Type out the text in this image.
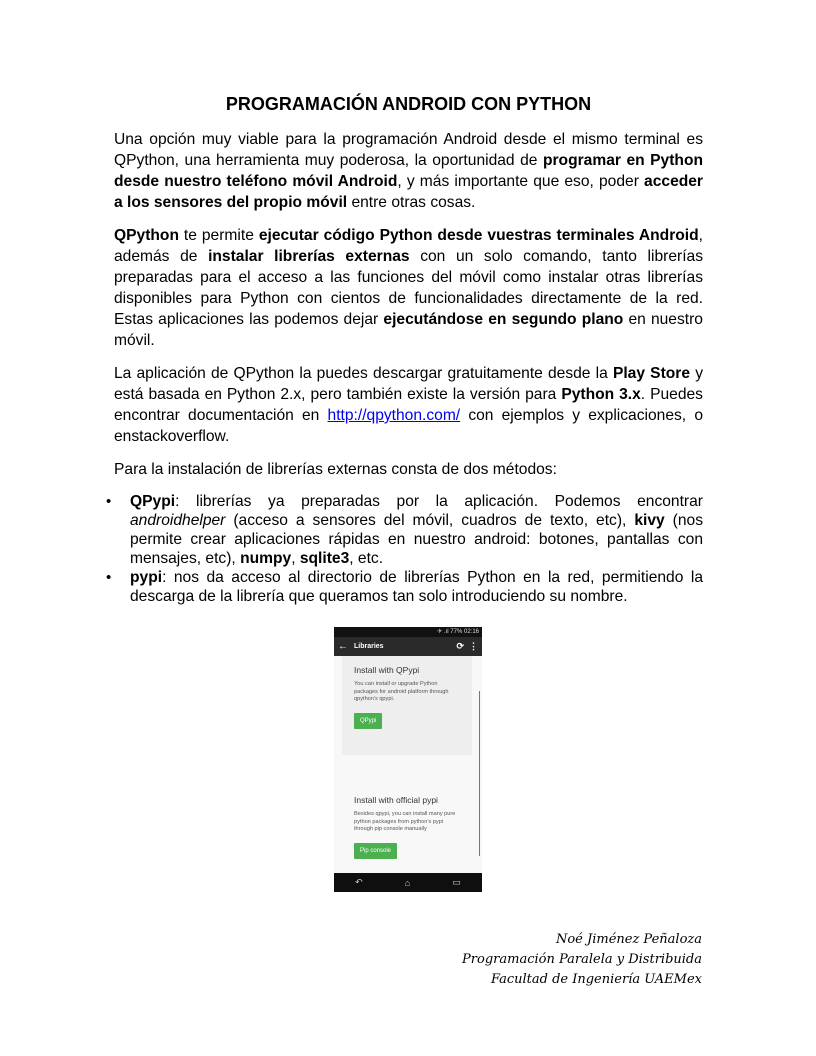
PROGRAMACIÓN ANDROID CON PYTHON

Una opción muy viable para la programación Android desde el mismo terminal es QPython, una herramienta muy poderosa, la oportunidad de programar en Python desde nuestro teléfono móvil Android, y más importante que eso, poder acceder a los sensores del propio móvil entre otras cosas.

QPython te permite ejecutar código Python desde vuestras terminales Android, además de instalar librerías externas con un solo comando, tanto librerías preparadas para el acceso a las funciones del móvil como instalar otras librerías disponibles para Python con cientos de funcionalidades directamente de la red. Estas aplicaciones las podemos dejar ejecutándose en segundo plano en nuestro móvil.

La aplicación de QPython la puedes descargar gratuitamente desde la Play Store y está basada en Python 2.x, pero también existe la versión para Python 3.x. Puedes encontrar documentación en http://qpython.com/ con ejemplos y explicaciones, o enstackoverflow.

Para la instalación de librerías externas consta de dos métodos:

• QPypi: librerías ya preparadas por la aplicación. Podemos encontrar androidhelper (acceso a sensores del móvil, cuadros de texto, etc), kivy (nos permite crear aplicaciones rápidas en nuestro android: botones, pantallas con mensajes, etc), numpy, sqlite3, etc.
• pypi: nos da acceso al directorio de librerías Python en la red, permitiendo la descarga de la librería que queramos tan solo introduciendo su nombre.
✈ .ıl 77% 02:16
← Libraries	⟳ ⋮
Install with QPypi
You can install or upgrade Python packages for android platform through qpython's qpypi.
QPypi
Install with official pypi
Besides qpypi, you can install many pure python packages from python's pypi through pip console manually
Pip console
↶	⌂	▭
Noé Jiménez Peñaloza
Programación Paralela y Distribuida
Facultad de Ingeniería UAEMex
